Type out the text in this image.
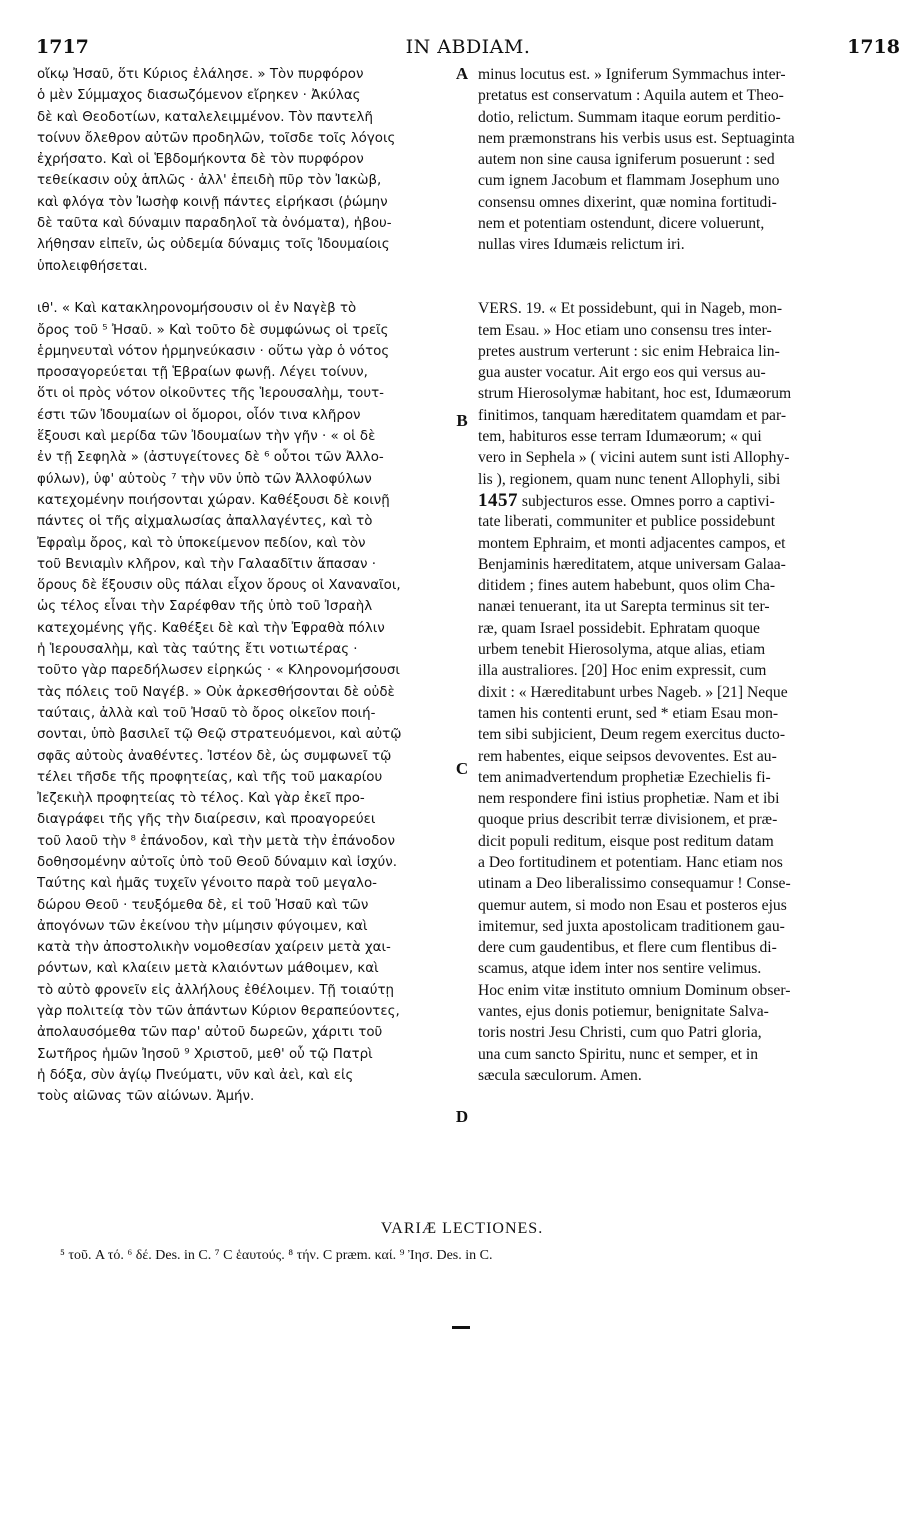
1717	IN ABDIAM.	1718
οἴκῳ Ἠσαῦ, ὅτι Κύριος ἐλάλησε. » Τὸν πυρφόρον
ὁ μὲν Σύμμαχος διασωζόμενον εἴρηκεν · Ἀκύλας
δὲ καὶ Θεοδοτίων, καταλελειμμένον. Τὸν παντελῆ
τοίνυν ὄλεθρον αὐτῶν προδηλῶν, τοῖσδε τοῖς λόγοις
ἐχρήσατο. Καὶ οἱ Ἑβδομήκοντα δὲ τὸν πυρφόρον
τεθείκασιν οὐχ ἁπλῶς · ἀλλ' ἐπειδὴ πῦρ τὸν Ἰακὼβ,
καὶ φλόγα τὸν Ἰωσὴφ κοινῇ πάντες εἰρήκασι (ῥώμην
δὲ ταῦτα καὶ δύναμιν παραδηλοῖ τὰ ὀνόματα), ἠβου-
λήθησαν εἰπεῖν, ὡς οὐδεμία δύναμις τοῖς Ἰδουμαίοις
ὑπολειφθήσεται.
ιθ'. « Καὶ κατακληρονομήσουσιν οἱ ἐν Ναγὲβ τὸ
ὄρος τοῦ ⁵ Ἠσαῦ. » Καὶ τοῦτο δὲ συμφώνως οἱ τρεῖς
ἑρμηνευταὶ νότον ἡρμηνεύκασιν · οὕτω γὰρ ὁ νότος
προσαγορεύεται τῇ Ἑβραίων φωνῇ. Λέγει τοίνυν,
ὅτι οἱ πρὸς νότον οἰκοῦντες τῆς Ἱερουσαλὴμ, τουτ-
έστι τῶν Ἰδουμαίων οἱ ὅμοροι, οἷόν τινα κλῆρον
ἕξουσι καὶ μερίδα τῶν Ἰδουμαίων τὴν γῆν · « οἱ δὲ
ἐν τῇ Σεφηλὰ » (ἀστυγείτονες δὲ ⁶ οὗτοι τῶν Ἀλλο-
φύλων), ὑφ' αὑτοὺς ⁷ τὴν νῦν ὑπὸ τῶν Ἀλλοφύλων
κατεχομένην ποιήσονται χώραν. Καθέξουσι δὲ κοινῇ
πάντες οἱ τῆς αἰχμαλωσίας ἀπαλλαγέντες, καὶ τὸ
Ἐφραὶμ ὄρος, καὶ τὸ ὑποκείμενον πεδίον, καὶ τὸν
τοῦ Βενιαμὶν κλῆρον, καὶ τὴν Γαλααδῖτιν ἅπασαν ·
ὅρους δὲ ἕξουσιν οὓς πάλαι εἶχον ὅρους οἱ Χαναναῖοι,
ὡς τέλος εἶναι τὴν Σαρέφθαν τῆς ὑπὸ τοῦ Ἰσραὴλ
κατεχομένης γῆς. Καθέξει δὲ καὶ τὴν Ἐφραθὰ πόλιν
ἡ Ἱερουσαλὴμ, καὶ τὰς ταύτης ἔτι νοτιωτέρας ·
τοῦτο γὰρ παρεδήλωσεν εἰρηκώς · « Κληρονομήσουσι
τὰς πόλεις τοῦ Ναγέβ. » Οὐκ ἀρκεσθήσονται δὲ οὐδὲ
ταύταις, ἀλλὰ καὶ τοῦ Ἠσαῦ τὸ ὄρος οἰκεῖον ποιή-
σονται, ὑπὸ βασιλεῖ τῷ Θεῷ στρατευόμενοι, καὶ αὐτῷ
σφᾶς αὐτοὺς ἀναθέντες. Ἰστέον δὲ, ὡς συμφωνεῖ τῷ
τέλει τῆσδε τῆς προφητείας, καὶ τῆς τοῦ μακαρίου
Ἰεζεκιὴλ προφητείας τὸ τέλος. Καὶ γὰρ ἐκεῖ προ-
διαγράφει τῆς γῆς τὴν διαίρεσιν, καὶ προαγορεύει
τοῦ λαοῦ τὴν ⁸ ἐπάνοδον, καὶ τὴν μετὰ τὴν ἐπάνοδον
δοθησομένην αὐτοῖς ὑπὸ τοῦ Θεοῦ δύναμιν καὶ ἰσχύν.
Ταύτης καὶ ἡμᾶς τυχεῖν γένοιτο παρὰ τοῦ μεγαλο-
δώρου Θεοῦ · τευξόμεθα δὲ, εἰ τοῦ Ἠσαῦ καὶ τῶν
ἀπογόνων τῶν ἐκείνου τὴν μίμησιν φύγοιμεν, καὶ
κατὰ τὴν ἀποστολικὴν νομοθεσίαν χαίρειν μετὰ χαι-
ρόντων, καὶ κλαίειν μετὰ κλαιόντων μάθοιμεν, καὶ
τὸ αὐτὸ φρονεῖν εἰς ἀλλήλους ἐθέλοιμεν. Τῇ τοιαύτῃ
γὰρ πολιτείᾳ τὸν τῶν ἁπάντων Κύριον θεραπεύοντες,
ἀπολαυσόμεθα τῶν παρ' αὐτοῦ δωρεῶν, χάριτι τοῦ
Σωτῆρος ἡμῶν Ἰησοῦ ⁹ Χριστοῦ, μεθ' οὗ τῷ Πατρὶ
ἡ δόξα, σὺν ἁγίῳ Πνεύματι, νῦν καὶ ἀεὶ, καὶ εἰς
τοὺς αἰῶνας τῶν αἰώνων. Ἀμήν.
minus locutus est. » Igniferum Symmachus inter-
pretatus est conservatum : Aquila autem et Theo-
dotio, relictum. Summam itaque eorum perditio-
nem præmonstrans his verbis usus est. Septuaginta
autem non sine causa igniferum posuerunt : sed
cum ignem Jacobum et flammam Josephum uno
consensu omnes dixerint, quæ nomina fortitudi-
nem et potentiam ostendunt, dicere voluerunt,
nullas vires Idumæis relictum iri.
VERS. 19. « Et possidebunt, qui in Nageb, mon-
tem Esau. » Hoc etiam uno consensu tres inter-
pretes austrum verterunt : sic enim Hebraica lin-
gua auster vocatur. Ait ergo eos qui versus au-
strum Hierosolymæ habitant, hoc est, Idumæorum
finitimos, tanquam hæreditatem quamdam et par-
tem, habituros esse terram Idumæorum; « qui
vero in Sephela » ( vicini autem sunt isti Allophy-
lis ), regionem, quam nunc tenent Allophyli, sibi
1457 subjecturos esse. Omnes porro a captivi-
tate liberati, communiter et publice possidebunt
montem Ephraim, et monti adjacentes campos, et
Benjaminis hæreditatem, atque universam Galaa-
ditidem ; fines autem habebunt, quos olim Cha-
nanæi tenuerant, ita ut Sarepta terminus sit ter-
ræ, quam Israel possidebit. Ephratam quoque
urbem tenebit Hierosolyma, atque alias, etiam
illa australiores. [20] Hoc enim expressit, cum
dixit : « Hæreditabunt urbes Nageb. » [21] Neque
tamen his contenti erunt, sed * etiam Esau mon-
tem sibi subjicient, Deum regem exercitus ducto-
rem habentes, eique seipsos devoventes. Est au-
tem animadvertendum prophetiæ Ezechielis fi-
nem respondere fini istius prophetiæ. Nam et ibi
quoque prius describit terræ divisionem, et præ-
dicit populi reditum, eisque post reditum datam
a Deo fortitudinem et potentiam. Hanc etiam nos
utinam a Deo liberalissimo consequamur ! Conse-
quemur autem, si modo non Esau et posteros ejus
imitemur, sed juxta apostolicam traditionem gau-
dere cum gaudentibus, et flere cum flentibus di-
scamus, atque idem inter nos sentire velimus.
Hoc enim vitæ instituto omnium Dominum obser-
vantes, ejus donis potiemur, benignitate Salva-
toris nostri Jesu Christi, cum quo Patri gloria,
una cum sancto Spiritu, nunc et semper, et in
sæcula sæculorum. Amen.
A
B
C
D
VARIÆ LECTIONES.
⁵ τοῦ. A τό. ⁶ δέ. Des. in C. ⁷ C ἑαυτούς. ⁸ τήν. C præm. καί. ⁹ Ἰησ. Des. in C.
